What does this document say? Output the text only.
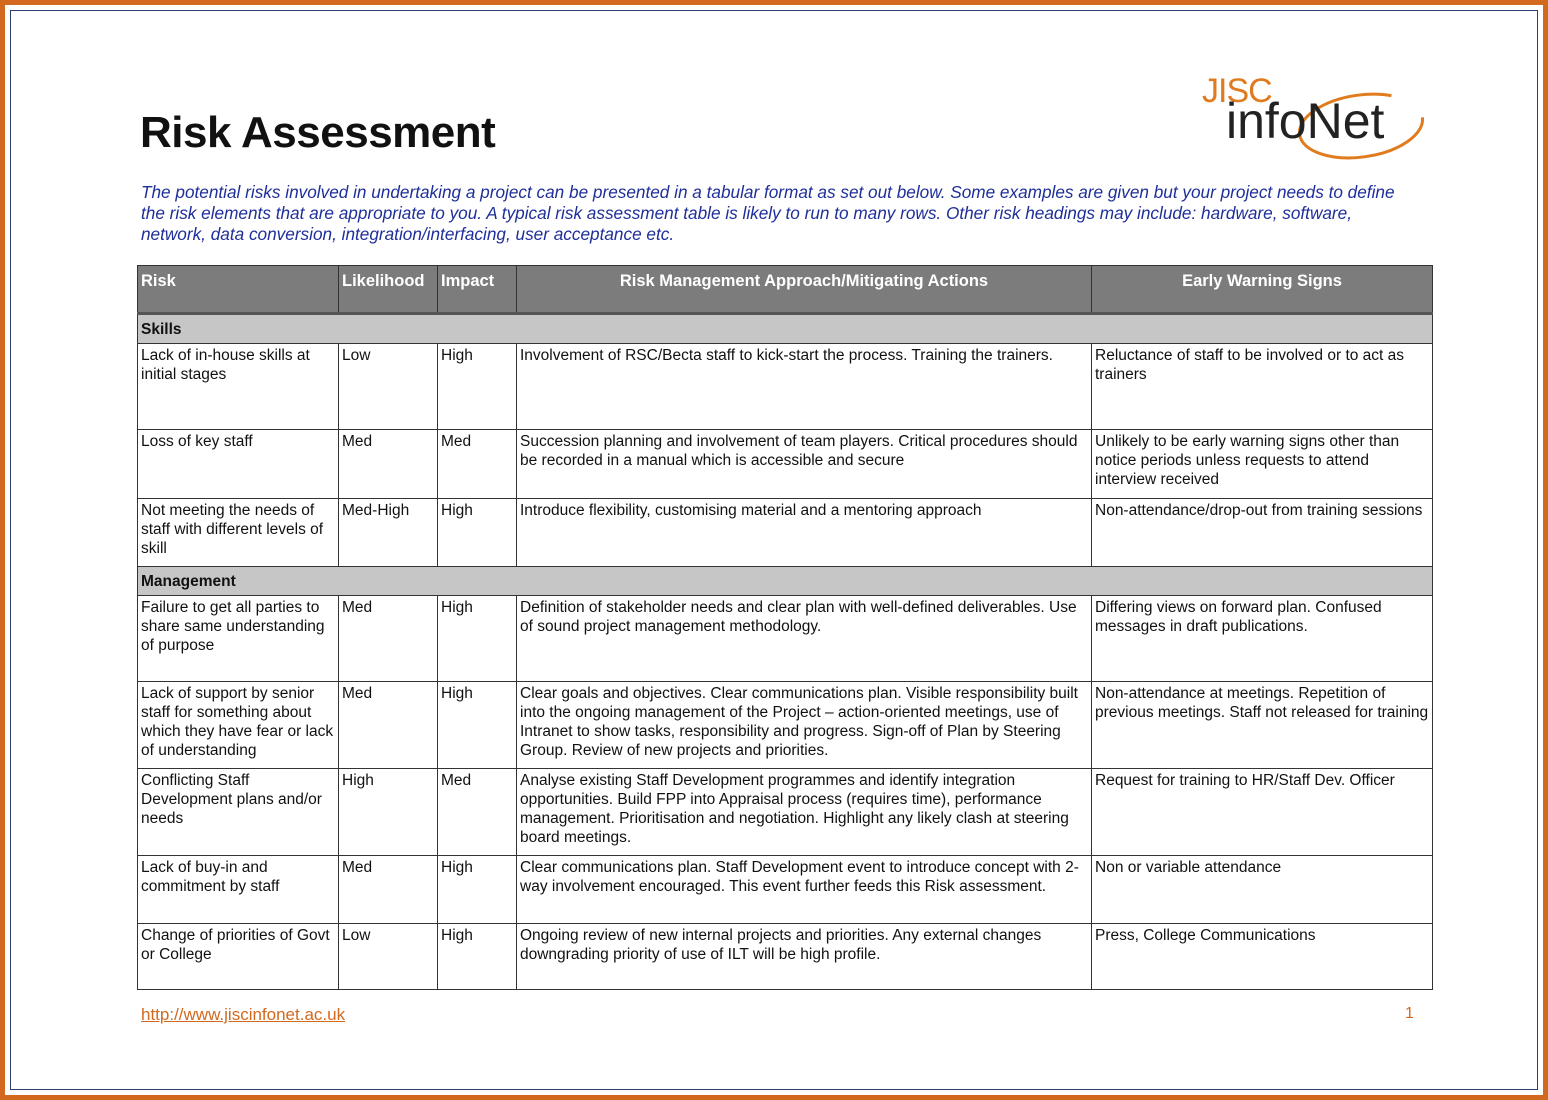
Risk Assessment
JISC
infoNet
The potential risks involved in undertaking a project can be presented in a tabular format as set out below. Some examples are given but your project needs to define the risk elements that are appropriate to you. A typical risk assessment table is likely to run to many rows. Other risk headings may include: hardware, software, network, data conversion, integration/interfacing, user acceptance etc.
Risk	Likelihood	Impact	Risk Management Approach/Mitigating Actions	Early Warning Signs
Skills				
Lack of in-house skills at initial stages	Low	High	Involvement of RSC/Becta staff to kick-start the process. Training the trainers.	Reluctance of staff to be involved or to act as trainers
Loss of key staff	Med	Med	Succession planning and involvement of team players. Critical procedures should be recorded in a manual which is accessible and secure	Unlikely to be early warning signs other than notice periods unless requests to attend interview received
Not meeting the needs of staff with different levels of skill	Med-High	High	Introduce flexibility, customising material and a mentoring approach	Non-attendance/drop-out from training sessions
Management				
Failure to get all parties to share same understanding of purpose	Med	High	Definition of stakeholder needs and clear plan with well-defined deliverables. Use of sound project management methodology.	Differing views on forward plan. Confused messages in draft publications.
Lack of support by senior staff for something about which they have fear or lack of understanding	Med	High	Clear goals and objectives. Clear communications plan. Visible responsibility built into the ongoing management of the Project – action-oriented meetings, use of Intranet to show tasks, responsibility and progress. Sign-off of Plan by Steering Group. Review of new projects and priorities.	Non-attendance at meetings. Repetition of previous meetings. Staff not released for training
Conflicting Staff Development plans and/or needs	High	Med	Analyse existing Staff Development programmes and identify integration opportunities. Build FPP into Appraisal process (requires time), performance management. Prioritisation and negotiation. Highlight any likely clash at steering board meetings.	Request for training to HR/Staff Dev. Officer
Lack of buy-in and commitment by staff	Med	High	Clear communications plan. Staff Development event to introduce concept with 2-way involvement encouraged. This event further feeds this Risk assessment.	Non or variable attendance
Change of priorities of Govt or College	Low	High	Ongoing review of new internal projects and priorities. Any external changes downgrading priority of use of ILT will be high profile.	Press, College Communications
http://www.jiscinfonet.ac.uk	1
